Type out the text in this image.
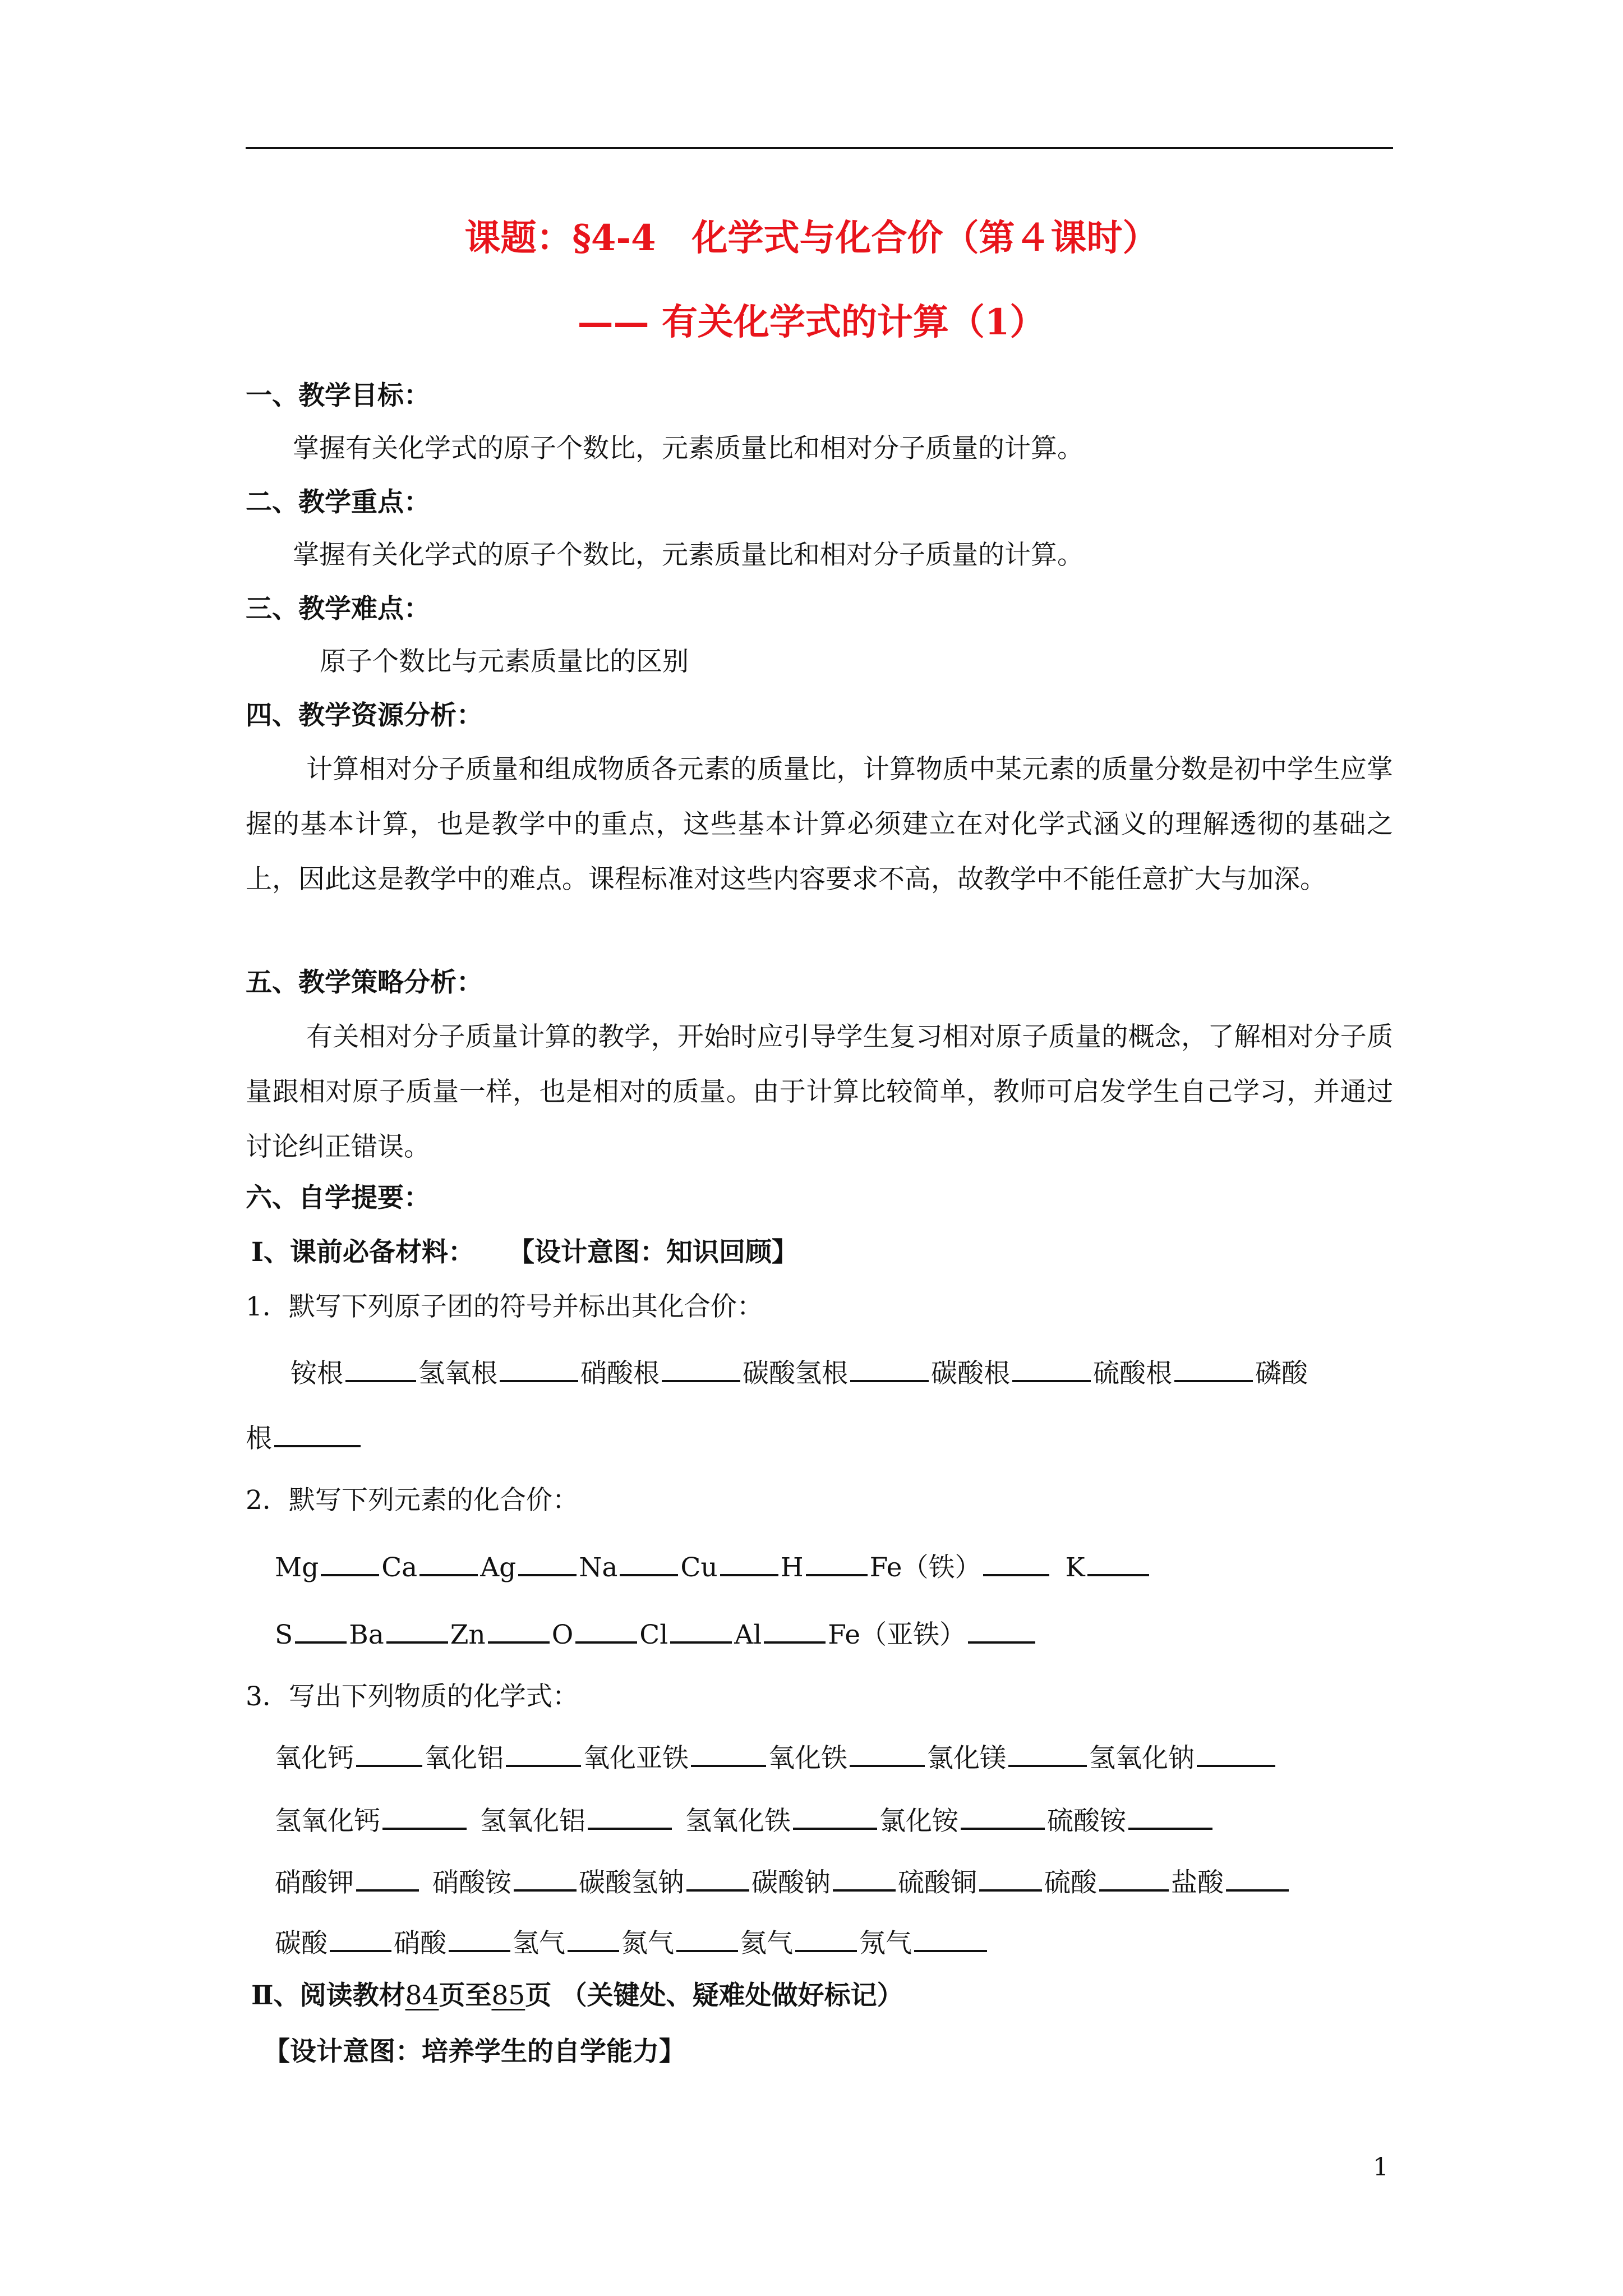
课题：§4-4　化学式与化合价（第４课时）
—— 有关化学式的计算（1）
一、教学目标：
掌握有关化学式的原子个数比，元素质量比和相对分子质量的计算。
二、教学重点：
掌握有关化学式的原子个数比，元素质量比和相对分子质量的计算。
三、教学难点：
原子个数比与元素质量比的区别
四、教学资源分析：
计算相对分子质量和组成物质各元素的质量比，计算物质中某元素的质量分数是初中学生应掌握的基本计算，也是教学中的重点，这些基本计算必须建立在对化学式涵义的理解透彻的基础之上，因此这是教学中的难点。课程标准对这些内容要求不高，故教学中不能任意扩大与加深。
五、教学策略分析：
有关相对分子质量计算的教学，开始时应引导学生复习相对原子质量的概念，了解相对分子质量跟相对原子质量一样，也是相对的质量。由于计算比较简单，教师可启发学生自己学习，并通过讨论纠正错误。
六、自学提要：
Ⅰ、课前必备材料： 【设计意图：知识回顾】
1．默写下列原子团的符号并标出其化合价：
铵根	氢氧根	硝酸根	碳酸氢根	碳酸根	硫酸根	磷酸
根
2．默写下列元素的化合价：
Mg Ca Ag Na Cu H	Fe（铁）	K
S Ba	Zn	O	Cl	Al	Fe（亚铁）
3．写出下列物质的化学式：
氧化钙	氧化铝	氧化亚铁	氧化铁	氯化镁	氢氧化钠
氢氧化钙	氢氧化铝	氢氧化铁	氯化铵	硫酸铵
硝酸钾	硝酸铵	碳酸氢钠	碳酸钠	硫酸铜	硫酸	盐酸
碳酸	硝酸	氢气 氮气	氦气	氖气
Ⅱ、阅读教材84页至85页 （关键处、疑难处做好标记）
【设计意图：培养学生的自学能力】
1
